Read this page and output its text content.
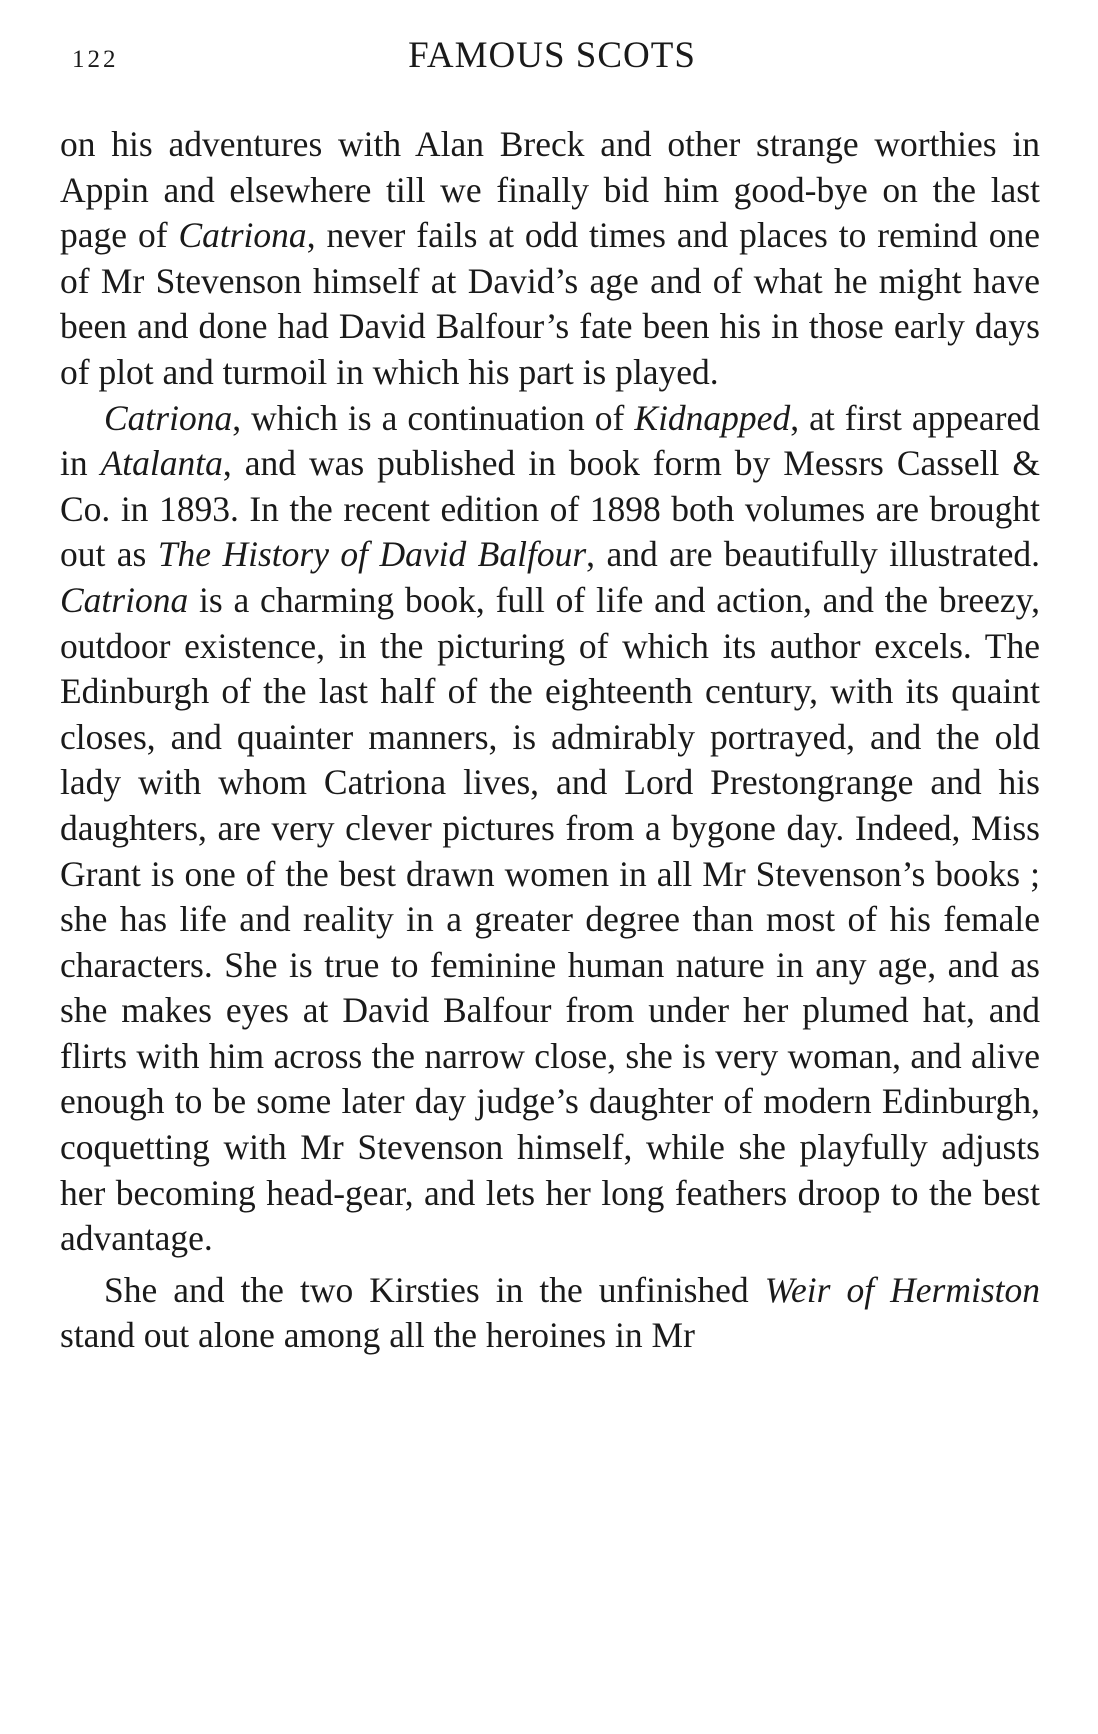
122	FAMOUS SCOTS

on his adventures with Alan Breck and other strange worthies in Appin and elsewhere till we finally bid him good-bye on the last page of Catriona, never fails at odd times and places to remind one of Mr Stevenson himself at David’s age and of what he might have been and done had David Balfour’s fate been his in those early days of plot and turmoil in which his part is played.

Catriona, which is a continuation of Kidnapped, at first appeared in Atalanta, and was published in book form by Messrs Cassell & Co. in 1893. In the recent edition of 1898 both volumes are brought out as The History of David Balfour, and are beautifully illustrated. Catriona is a charming book, full of life and action, and the breezy, outdoor existence, in the picturing of which its author excels. The Edinburgh of the last half of the eighteenth century, with its quaint closes, and quainter manners, is admirably portrayed, and the old lady with whom Catriona lives, and Lord Prestongrange and his daughters, are very clever pictures from a bygone day. Indeed, Miss Grant is one of the best drawn women in all Mr Stevenson’s books ; she has life and reality in a greater degree than most of his female characters. She is true to feminine human nature in any age, and as she makes eyes at David Balfour from under her plumed hat, and flirts with him across the narrow close, she is very woman, and alive enough to be some later day judge’s daughter of modern Edinburgh, coquetting with Mr Stevenson himself, while she playfully adjusts her becoming head-gear, and lets her long feathers droop to the best advantage.

She and the two Kirsties in the unfinished Weir of Hermiston stand out alone among all the heroines in Mr
